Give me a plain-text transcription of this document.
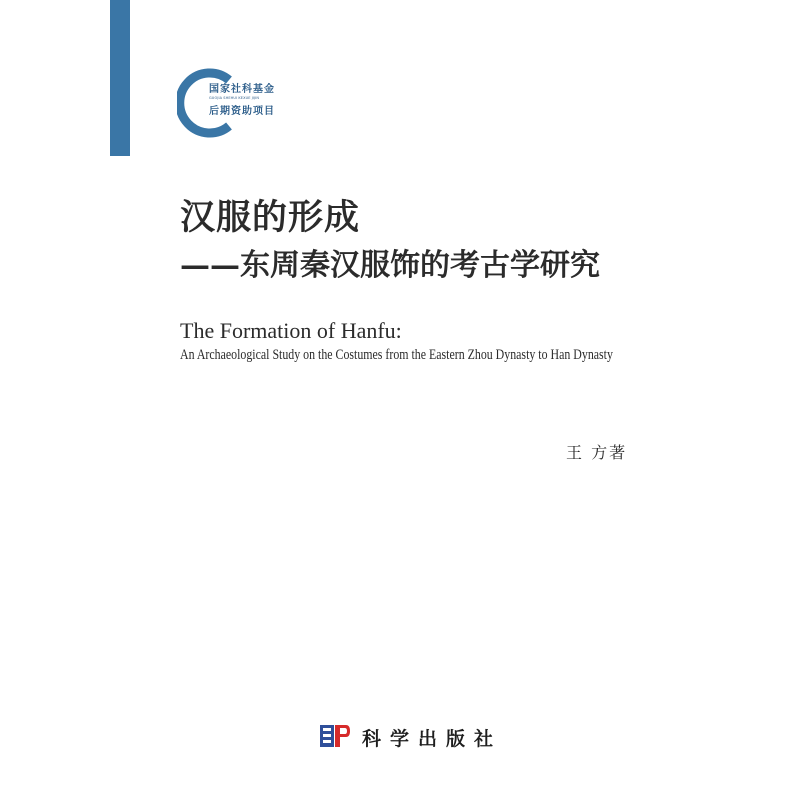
国家社科基金
GUOJIA SHEHUI KEXUE JIJIN
后期资助项目
汉服的形成
——东周秦汉服饰的考古学研究
The Formation of Hanfu:
An Archaeological Study on the Costumes from the Eastern Zhou Dynasty to Han Dynasty
王 方著
科学出版社
